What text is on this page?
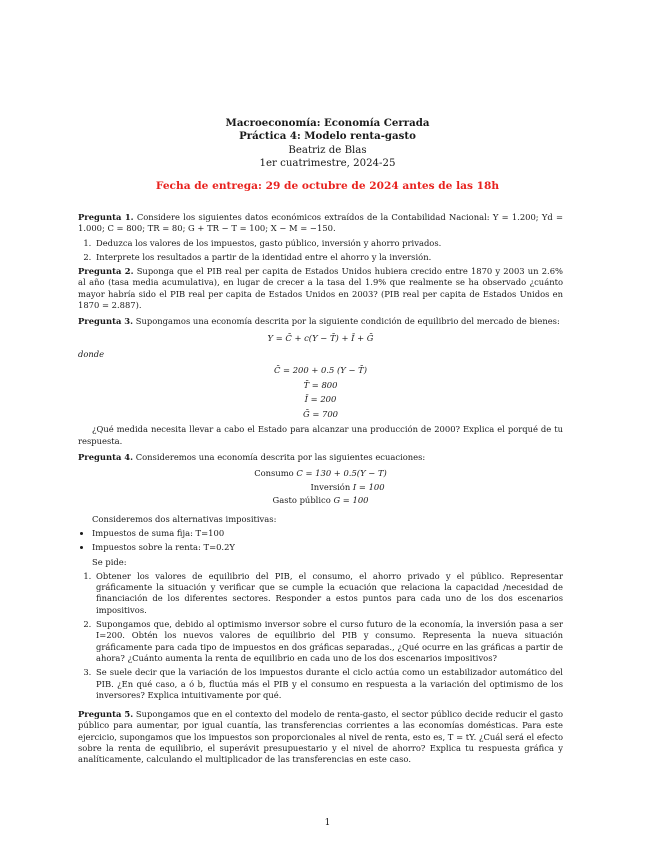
Macroeconomía: Economía Cerrada
Práctica 4: Modelo renta-gasto
Beatriz de Blas
1er cuatrimestre, 2024-25
Fecha de entrega: 29 de octubre de 2024 antes de las 18h

Pregunta 1. Considere los siguientes datos económicos extraídos de la Contabilidad Nacional: Y = 1.200; Yd = 1.000; C = 800; TR = 80; G + TR − T = 100; X − M = −150.

1. Deduzca los valores de los impuestos, gasto público, inversión y ahorro privados.
2. Interprete los resultados a partir de la identidad entre el ahorro y la inversión.

Pregunta 2. Suponga que el PIB real per capita de Estados Unidos hubiera crecido entre 1870 y 2003 un 2.6% al año (tasa media acumulativa), en lugar de crecer a la tasa del 1.9% que realmente se ha observado ¿cuánto mayor habría sido el PIB real per capita de Estados Unidos en 2003? (PIB real per capita de Estados Unidos en 1870 = 2.887).

Pregunta 3. Supongamos una economía descrita por la siguiente condición de equilibrio del mercado de bienes:

Y = C̄ + c(Y − T̄) + Ī + Ḡ

donde

C̄ = 200 + 0.5 (Y − T̄)
T̄ = 800
Ī = 200
Ḡ = 700

¿Qué medida necesita llevar a cabo el Estado para alcanzar una producción de 2000? Explica el porqué de tu respuesta.

Pregunta 4. Consideremos una economía descrita por las siguientes ecuaciones:

Consumo C = 130 + 0.5(Y − T)
Inversión I = 100
Gasto público G = 100

Consideremos dos alternativas impositivas:

• Impuestos de suma fija: T=100
• Impuestos sobre la renta: T=0.2Y

Se pide:

1. Obtener los valores de equilibrio del PIB, el consumo, el ahorro privado y el público. Representar gráficamente la situación y verificar que se cumple la ecuación que relaciona la capacidad /necesidad de financiación de los diferentes sectores. Responder a estos puntos para cada uno de los dos escenarios impositivos.
2. Supongamos que, debido al optimismo inversor sobre el curso futuro de la economía, la inversión pasa a ser I=200. Obtén los nuevos valores de equilibrio del PIB y consumo. Representa la nueva situación gráficamente para cada tipo de impuestos en dos gráficas separadas., ¿Qué ocurre en las gráficas a partir de ahora? ¿Cuánto aumenta la renta de equilibrio en cada uno de los dos escenarios impositivos?
3. Se suele decir que la variación de los impuestos durante el ciclo actúa como un estabilizador automático del PIB. ¿En qué caso, a ó b, fluctúa más el PIB y el consumo en respuesta a la variación del optimismo de los inversores? Explica intuitivamente por qué.

Pregunta 5. Supongamos que en el contexto del modelo de renta-gasto, el sector público decide reducir el gasto público para aumentar, por igual cuantía, las transferencias corrientes a las economías domésticas. Para este ejercicio, supongamos que los impuestos son proporcionales al nivel de renta, esto es, T = tY. ¿Cuál será el efecto sobre la renta de equilibrio, el superávit presupuestario y el nivel de ahorro? Explica tu respuesta gráfica y analíticamente, calculando el multiplicador de las transferencias en este caso.

1
